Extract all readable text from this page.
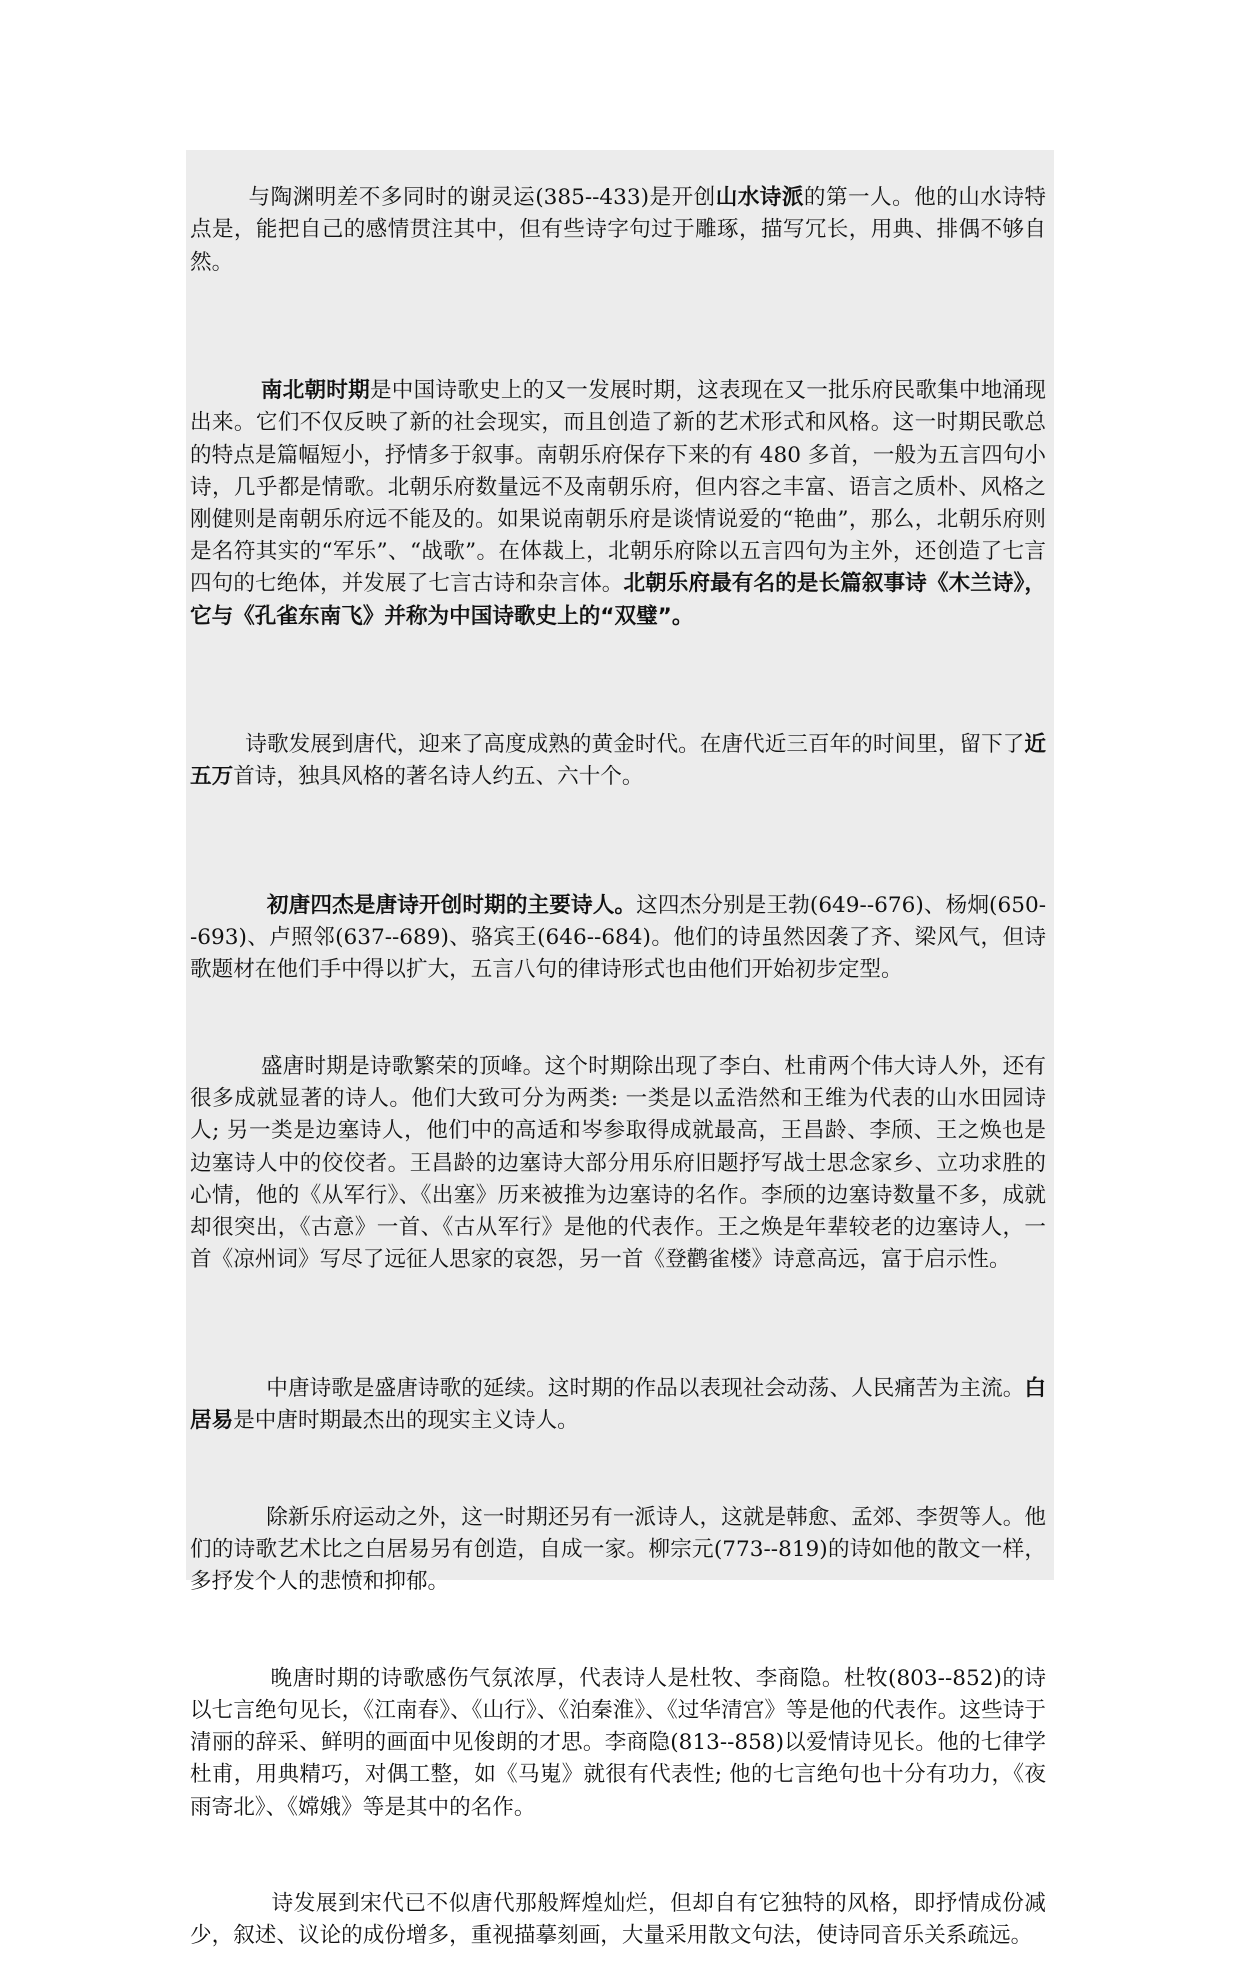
与陶渊明差不多同时的谢灵运(385--433)是开创山水诗派的第一人。他的山水诗特点是，能把自己的感情贯注其中，但有些诗字句过于雕琢，描写冗长，用典、排偶不够自然。

南北朝时期是中国诗歌史上的又一发展时期，这表现在又一批乐府民歌集中地涌现出来。它们不仅反映了新的社会现实，而且创造了新的艺术形式和风格。这一时期民歌总的特点是篇幅短小，抒情多于叙事。南朝乐府保存下来的有 480 多首，一般为五言四句小诗，几乎都是情歌。北朝乐府数量远不及南朝乐府，但内容之丰富、语言之质朴、风格之刚健则是南朝乐府远不能及的。如果说南朝乐府是谈情说爱的“艳曲”，那么，北朝乐府则是名符其实的“军乐”、“战歌”。在体裁上，北朝乐府除以五言四句为主外，还创造了七言四句的七绝体，并发展了七言古诗和杂言体。北朝乐府最有名的是长篇叙事诗《木兰诗》，它与《孔雀东南飞》并称为中国诗歌史上的“双璧”。

诗歌发展到唐代，迎来了高度成熟的黄金时代。在唐代近三百年的时间里，留下了近五万首诗，独具风格的著名诗人约五、六十个。

初唐四杰是唐诗开创时期的主要诗人。这四杰分别是王勃(649--676)、杨炯(650--693)、卢照邻(637--689)、骆宾王(646--684)。他们的诗虽然因袭了齐、梁风气，但诗歌题材在他们手中得以扩大，五言八句的律诗形式也由他们开始初步定型。

盛唐时期是诗歌繁荣的顶峰。这个时期除出现了李白、杜甫两个伟大诗人外，还有很多成就显著的诗人。他们大致可分为两类: 一类是以孟浩然和王维为代表的山水田园诗人; 另一类是边塞诗人，他们中的高适和岑参取得成就最高，王昌龄、李颀、王之焕也是边塞诗人中的佼佼者。王昌龄的边塞诗大部分用乐府旧题抒写战士思念家乡、立功求胜的心情，他的《从军行》、《出塞》历来被推为边塞诗的名作。李颀的边塞诗数量不多，成就却很突出，《古意》一首、《古从军行》是他的代表作。王之焕是年辈较老的边塞诗人，一首《凉州词》写尽了远征人思家的哀怨，另一首《登鹳雀楼》诗意高远，富于启示性。

中唐诗歌是盛唐诗歌的延续。这时期的作品以表现社会动荡、人民痛苦为主流。白居易是中唐时期最杰出的现实主义诗人。

除新乐府运动之外，这一时期还另有一派诗人，这就是韩愈、孟郊、李贺等人。他们的诗歌艺术比之白居易另有创造，自成一家。柳宗元(773--819)的诗如他的散文一样，多抒发个人的悲愤和抑郁。

晚唐时期的诗歌感伤气氛浓厚，代表诗人是杜牧、李商隐。杜牧(803--852)的诗以七言绝句见长，《江南春》、《山行》、《泊秦淮》、《过华清宫》等是他的代表作。这些诗于清丽的辞采、鲜明的画面中见俊朗的才思。李商隐(813--858)以爱情诗见长。他的七律学杜甫，用典精巧，对偶工整，如《马嵬》就很有代表性; 他的七言绝句也十分有功力，《夜雨寄北》、《嫦娥》等是其中的名作。

诗发展到宋代已不似唐代那般辉煌灿烂，但却自有它独特的风格，即抒情成份减少，叙述、议论的成份增多，重视描摹刻画，大量采用散文句法，使诗同音乐关系疏远。
